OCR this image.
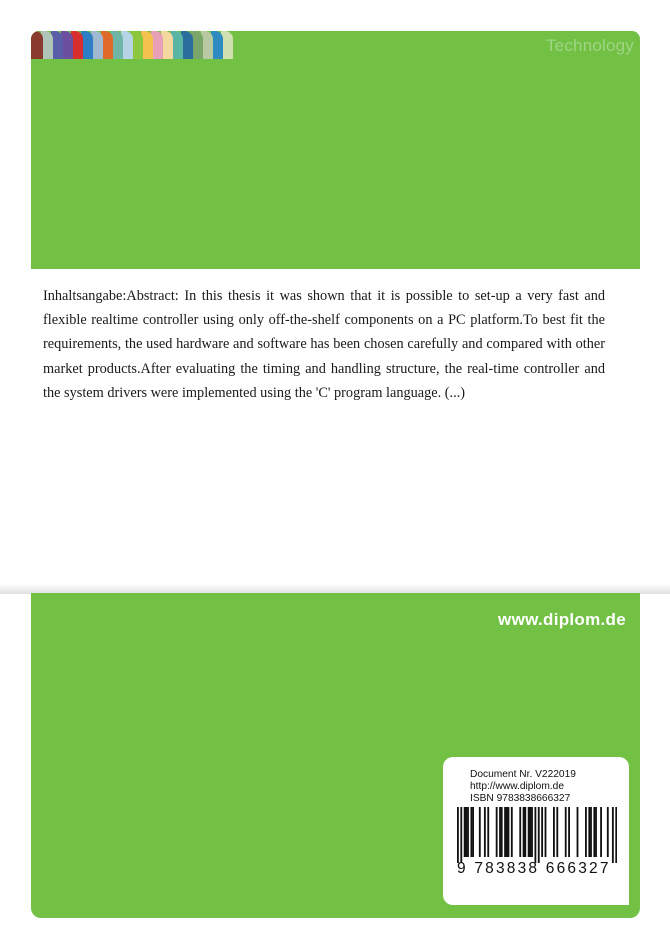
Technology
Inhaltsangabe:Abstract: In this thesis it was shown that it is possible to set-up a very fast and flexible realtime controller using only off-the-shelf components on a PC platform.To best fit the requirements, the used hardware and software has been chosen carefully and compared with other market products.After evaluating the timing and handling structure, the real-time controller and the system drivers were implemented using the 'C' program language. (...)
www.diplom.de
Document Nr. V222019
http://www.diplom.de
ISBN 9783838666327
9 783838 666327
